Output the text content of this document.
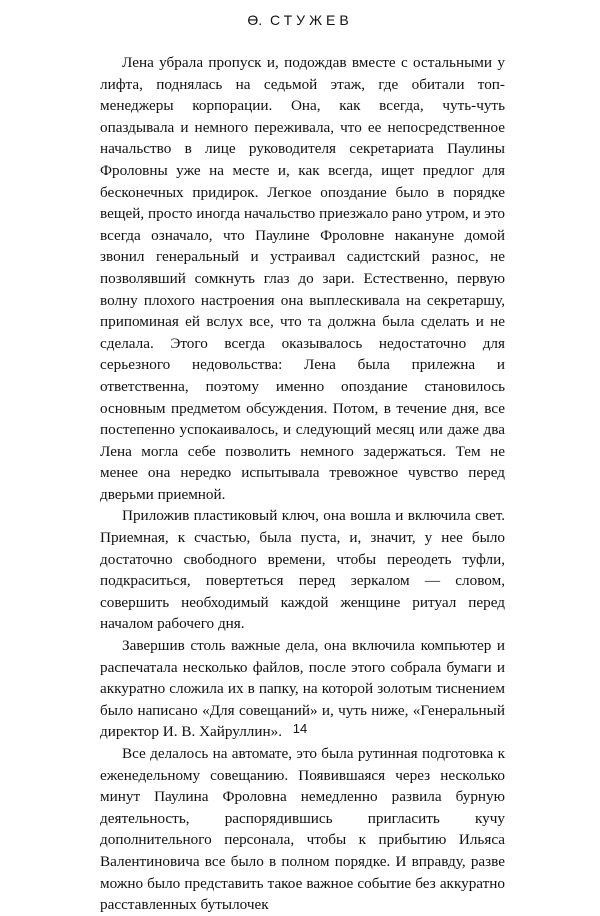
Ө. СТУЖЕВ

Лена убрала пропуск и, подождав вместе с остальными у лифта, поднялась на седьмой этаж, где обитали топ-менеджеры корпорации. Она, как всегда, чуть-чуть опаздывала и немного переживала, что ее непосредственное начальство в лице руководителя секретариата Паулины Фроловны уже на месте и, как всегда, ищет предлог для бесконечных придирок. Легкое опоздание было в порядке вещей, просто иногда начальство приезжало рано утром, и это всегда означало, что Паулине Фроловне накануне домой звонил генеральный и устраивал садистский разнос, не позволявший сомкнуть глаз до зари. Естественно, первую волну плохого настроения она выплескивала на секретаршу, припоминая ей вслух все, что та должна была сделать и не сделала. Этого всегда оказывалось недостаточно для серьезного недовольства: Лена была прилежна и ответственна, поэтому именно опоздание становилось основным предметом обсуждения. Потом, в течение дня, все постепенно успокаивалось, и следующий месяц или даже два Лена могла себе позволить немного задержаться. Тем не менее она нередко испытывала тревожное чувство перед дверьми приемной.

Приложив пластиковый ключ, она вошла и включила свет. Приемная, к счастью, была пуста, и, значит, у нее было достаточно свободного времени, чтобы переодеть туфли, подкраситься, повертеться перед зеркалом — словом, совершить необходимый каждой женщине ритуал перед началом рабочего дня.

Завершив столь важные дела, она включила компьютер и распечатала несколько файлов, после этого собрала бумаги и аккуратно сложила их в папку, на которой золотым тиснением было написано «Для совещаний» и, чуть ниже, «Генеральный директор И. В. Хайруллин».

Все делалось на автомате, это была рутинная подготовка к еженедельному совещанию. Появившаяся через несколько минут Паулина Фроловна немедленно развила бурную деятельность, распорядившись пригласить кучу дополнительного персонала, чтобы к прибытию Ильяса Валентиновича все было в полном порядке. И вправду, разве можно было представить такое важное событие без аккуратно расставленных бутылочек

14
